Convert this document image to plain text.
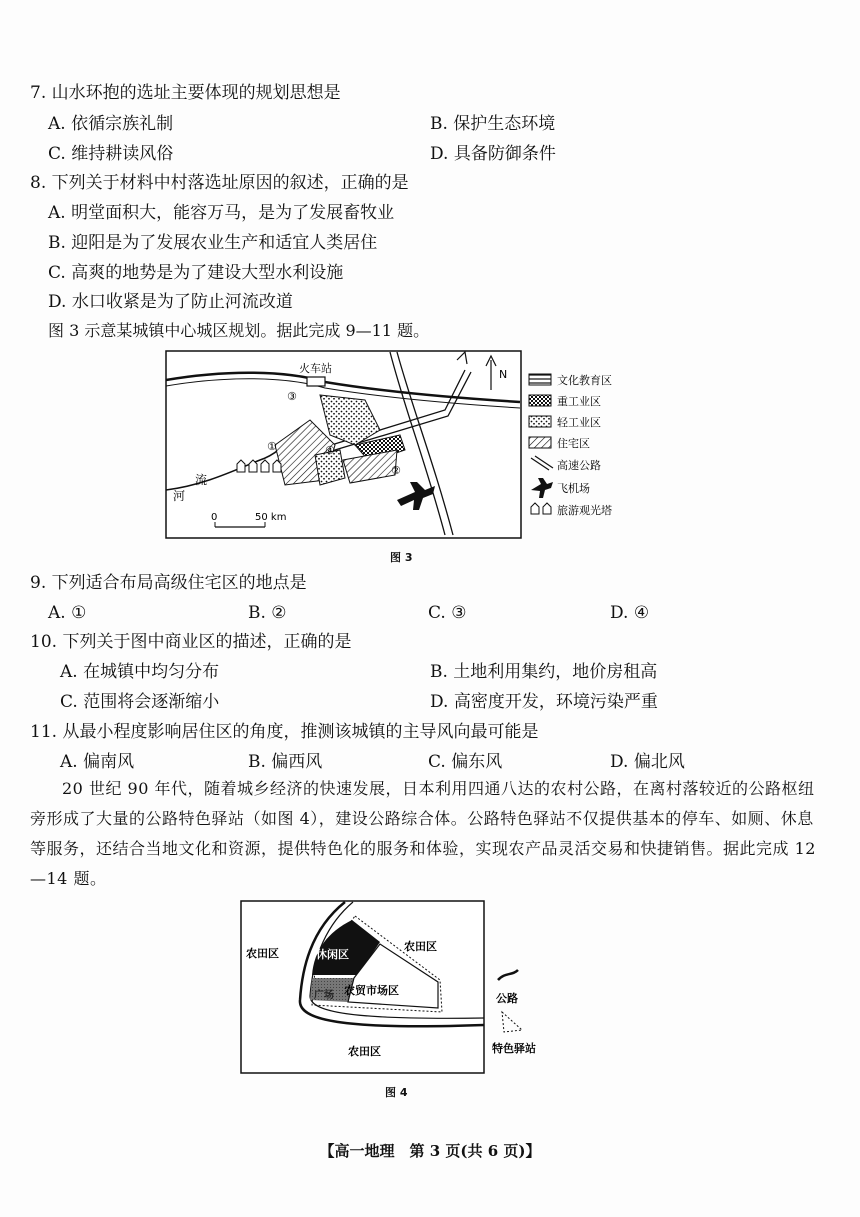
7. 山水环抱的选址主要体现的规划思想是
A. 依循宗族礼制	B. 保护生态环境
C. 维持耕读风俗	D. 具备防御条件
8. 下列关于材料中村落选址原因的叙述，正确的是
A. 明堂面积大，能容万马，是为了发展畜牧业
B. 迎阳是为了发展农业生产和适宜人类居住
C. 高爽的地势是为了建设大型水利设施
D. 水口收紧是为了防止河流改道
图 3 示意某城镇中心城区规划。据此完成 9—11 题。
火车站	N
③
①	④
②
河
流
0	50 km
文化教育区
重工业区
轻工业区
住宅区
高速公路
飞机场
旅游观光塔
图 3
9. 下列适合布局高级住宅区的地点是
A. ①	B. ②	C. ③	D. ④
10. 下列关于图中商业区的描述，正确的是
A. 在城镇中均匀分布	B. 土地利用集约，地价房租高
C. 范围将会逐渐缩小	D. 高密度开发，环境污染严重
11. 从最小程度影响居住区的角度，推测该城镇的主导风向最可能是
A. 偏南风	B. 偏西风	C. 偏东风	D. 偏北风
20 世纪 90 年代，随着城乡经济的快速发展，日本利用四通八达的农村公路，在离村落较近的公路枢纽旁形成了大量的公路特色驿站（如图 4），建设公路综合体。公路特色驿站不仅提供基本的停车、如厕、休息等服务，还结合当地文化和资源，提供特色化的服务和体验，实现农产品灵活交易和快捷销售。据此完成 12—14 题。
农田区
农田区
农田区
休闲区
农贸市场区
广场	公路
特色驿站
图 4
【高一地理　第 3 页(共 6 页)】
